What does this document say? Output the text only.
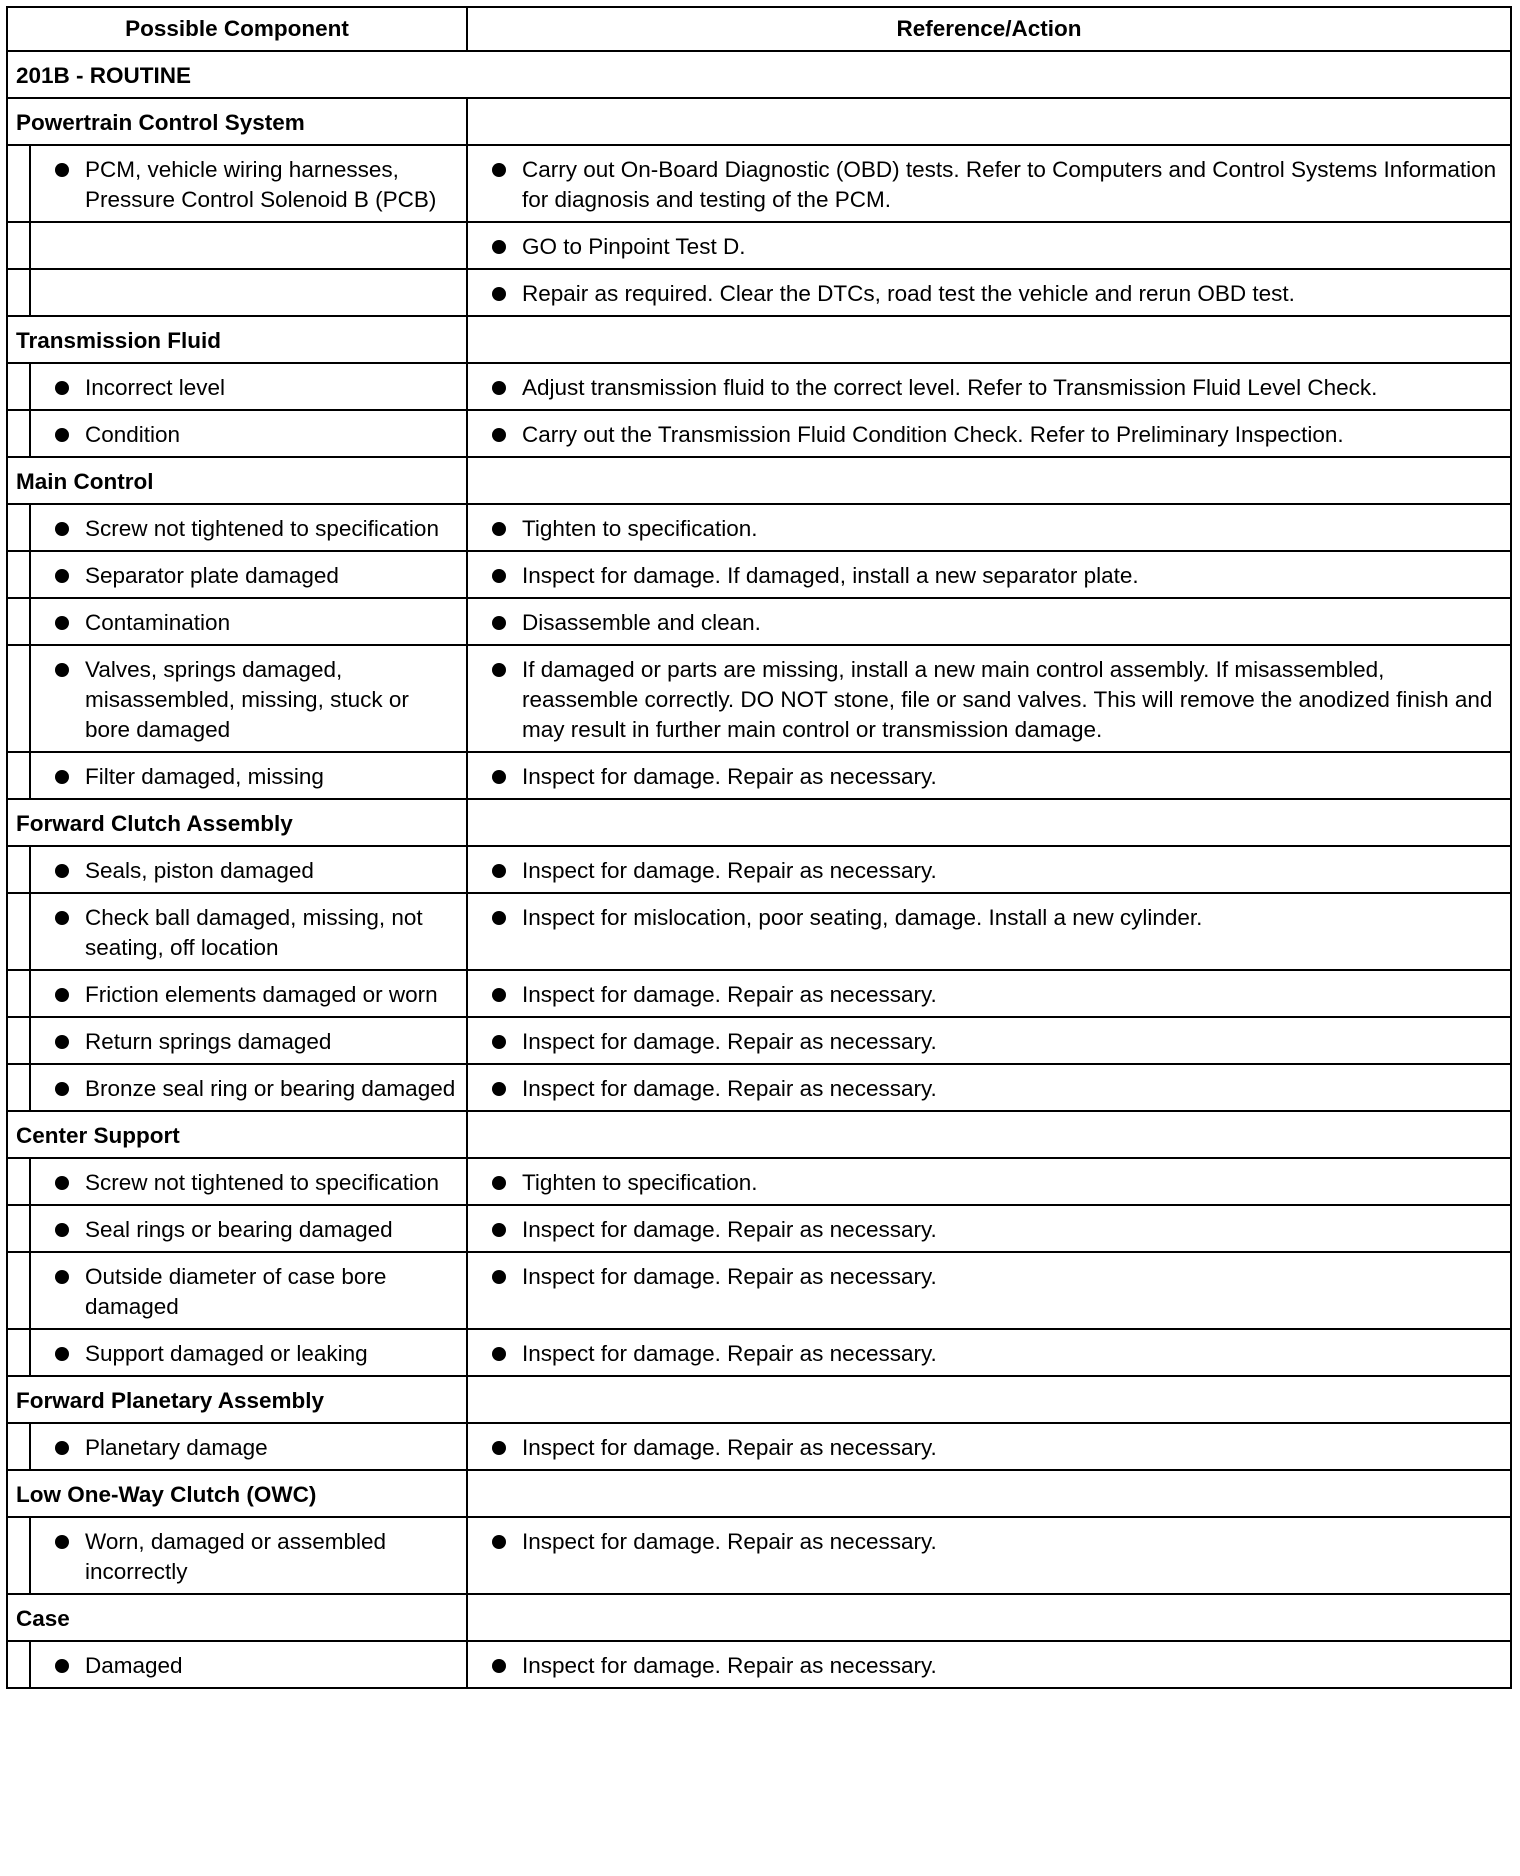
Possible Component		Reference/Action
201B - ROUTINE		
Powertrain Control System		

	PCM, vehicle wiring harnesses, Pressure Control Solenoid B (PCB)	Carry out On-Board Diagnostic (OBD) tests. Refer to Computers and Control Systems Information for diagnosis and testing of the PCM.

		GO to Pinpoint Test D.

		Repair as required. Clear the DTCs, road test the vehicle and rerun OBD test.

Transmission Fluid		

	Incorrect level	Adjust transmission fluid to the correct level. Refer to Transmission Fluid Level Check.

	Condition	Carry out the Transmission Fluid Condition Check. Refer to Preliminary Inspection.

Main Control		

	Screw not tightened to specification	Tighten to specification.

	Separator plate damaged	Inspect for damage. If damaged, install a new separator plate.

	Contamination	Disassemble and clean.

	Valves, springs damaged, misassembled, missing, stuck or bore damaged	If damaged or parts are missing, install a new main control assembly. If misassembled, reassemble correctly. DO NOT stone, file or sand valves. This will remove the anodized finish and may result in further main control or transmission damage.

	Filter damaged, missing	Inspect for damage. Repair as necessary.

Forward Clutch Assembly		

	Seals, piston damaged	Inspect for damage. Repair as necessary.

	Check ball damaged, missing, not seating, off location	Inspect for mislocation, poor seating, damage. Install a new cylinder.

	Friction elements damaged or worn	Inspect for damage. Repair as necessary.

	Return springs damaged	Inspect for damage. Repair as necessary.

	Bronze seal ring or bearing damaged	Inspect for damage. Repair as necessary.

Center Support		

	Screw not tightened to specification	Tighten to specification.

	Seal rings or bearing damaged	Inspect for damage. Repair as necessary.

	Outside diameter of case bore damaged	Inspect for damage. Repair as necessary.

	Support damaged or leaking	Inspect for damage. Repair as necessary.

Forward Planetary Assembly		

	Planetary damage	Inspect for damage. Repair as necessary.

Low One-Way Clutch (OWC)		

	Worn, damaged or assembled incorrectly	Inspect for damage. Repair as necessary.

Case		

	Damaged	Inspect for damage. Repair as necessary.
